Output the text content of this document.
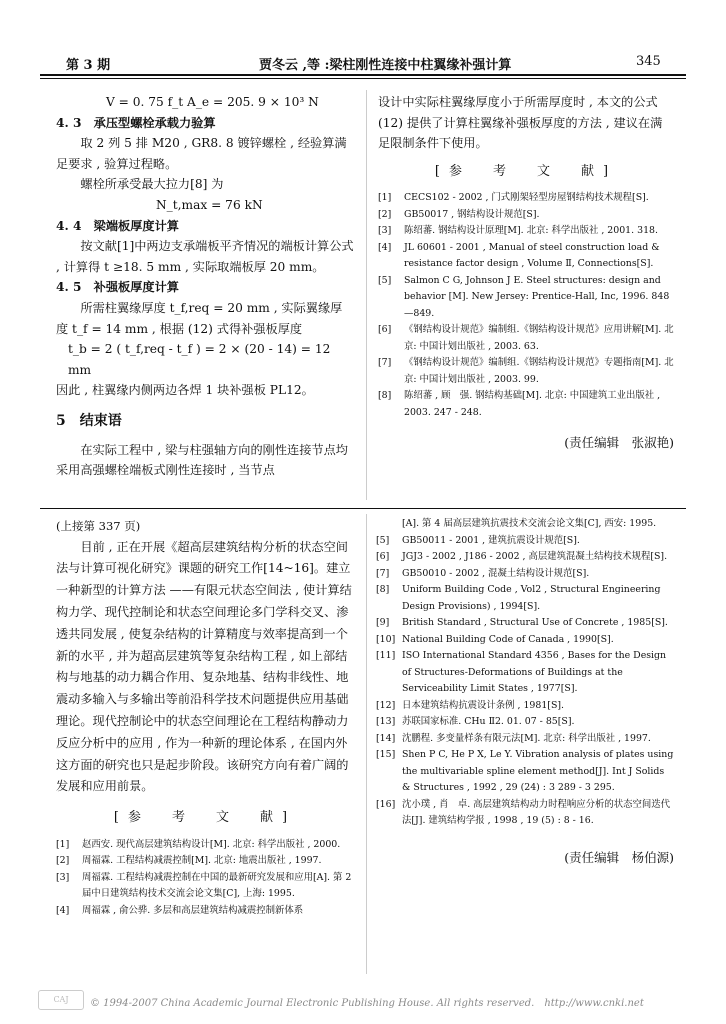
第 3 期	贾冬云 ,等 :梁柱刚性连接中柱翼缘补强计算	345

V = 0. 75 f_t A_e = 205. 9 × 10³ N

4. 3　承压型螺栓承载力验算

取 2 列 5 排 M20 , GR8. 8 镀锌螺栓 , 经验算满足要求 , 验算过程略。

螺栓所承受最大拉力[8] 为

N_t,max = 76 kN

4. 4　梁端板厚度计算

按文献[1]中两边支承端板平齐情况的端板计算公式 , 计算得 t ≥18. 5 mm , 实际取端板厚 20 mm。

4. 5　补强板厚度计算

所需柱翼缘厚度 t_f,req = 20 mm , 实际翼缘厚度 t_f = 14 mm , 根据 (12) 式得补强板厚度

t_b = 2 ( t_f,req - t_f ) = 2 × (20 - 14) = 12 mm

因此 , 柱翼缘内侧两边各焊 1 块补强板 PL12。

5　结束语

在实际工程中 , 梁与柱强轴方向的刚性连接节点均采用高强螺栓端板式刚性连接时 , 当节点

设计中实际柱翼缘厚度小于所需厚度时 , 本文的公式 (12) 提供了计算柱翼缘补强板厚度的方法 , 建议在满足限制条件下使用。

[参　考　文　献]
[1]	CECS102 - 2002 , 门式刚架轻型房屋钢结构技术规程[S].
[2]	GB50017 , 钢结构设计规范[S].
[3]	陈绍蕃. 钢结构设计原理[M]. 北京: 科学出版社 , 2001. 318.
[4]	JL 60601 - 2001 , Manual of steel construction load & resistance factor design , Volume Ⅱ, Connections[S].
[5]	Salmon C G, Johnson J E. Steel structures: design and behavior [M]. New Jersey: Prentice-Hall, Inc, 1996. 848 —849.
[6]	《钢结构设计规范》编制组.《钢结构设计规范》应用讲解[M]. 北京: 中国计划出版社 , 2003. 63.
[7]	《钢结构设计规范》编制组.《钢结构设计规范》专题指南[M]. 北京: 中国计划出版社 , 2003. 99.
[8]	陈绍蕃 , 顾　强. 钢结构基础[M]. 北京: 中国建筑工业出版社 , 2003. 247 - 248.
(责任编辑　张淑艳)

(上接第 337 页)

目前 , 正在开展《超高层建筑结构分析的状态空间法与计算可视化研究》课题的研究工作[14~16]。建立一种新型的计算方法 ——有限元状态空间法 , 使计算结构力学、现代控制论和状态空间理论多门学科交叉、渗透共同发展 , 使复杂结构的计算精度与效率提高到一个新的水平 , 并为超高层建筑等复杂结构工程 , 如上部结构与地基的动力耦合作用、复杂地基、结构非线性、地震动多输入与多输出等前沿科学技术问题提供应用基础理论。现代控制论中的状态空间理论在工程结构静动力反应分析中的应用 , 作为一种新的理论体系 , 在国内外这方面的研究也只是起步阶段。该研究方向有着广阔的发展和应用前景。

[参　考　文　献]
[1]	赵西安. 现代高层建筑结构设计[M]. 北京: 科学出版社 , 2000.
[2]	周福霖. 工程结构减震控制[M]. 北京: 地震出版社 , 1997.
[3]	周福霖. 工程结构减震控制在中国的最新研究发展和应用[A]. 第 2 届中日建筑结构技术交流会论文集[C], 上海: 1995.
[4]	周福霖 , 俞公骅. 多层和高层建筑结构减震控制新体系
[A]. 第 4 届高层建筑抗震技术交流会论文集[C], 西安: 1995.
[5]	GB50011 - 2001 , 建筑抗震设计规范[S].
[6]	JGJ3 - 2002 , J186 - 2002 , 高层建筑混凝土结构技术规程[S].
[7]	GB50010 - 2002 , 混凝土结构设计规范[S].
[8]	Uniform Building Code , Vol2 , Structural Engineering Design Provisions) , 1994[S].
[9]	British Standard , Structural Use of Concrete , 1985[S].
[10] National Building Code of Canada , 1990[S].
[11] ISO International Standard 4356 , Bases for the Design of Structures-Deformations of Buildings at the Serviceability Limit States , 1977[S].
[12] 日本建筑结构抗震设计条例 , 1981[S].
[13] 苏联国家标准. CHu Ⅱ2. 01. 07 - 85[S].
[14] 沈鹏程. 多变量样条有限元法[M]. 北京: 科学出版社 , 1997.
[15] Shen P C, He P X, Le Y. Vibration analysis of plates using the multivariable spline element method[J]. Int J Solids & Structures , 1992 , 29 (24) : 3 289 - 3 295.
[16] 沈小璞 , 肖　卓. 高层建筑结构动力时程响应分析的状态空间迭代法[J]. 建筑结构学报 , 1998 , 19 (5) : 8 - 16.
(责任编辑　杨伯源)
CAJ	© 1994-2007 China Academic Journal Electronic Publishing House. All rights reserved.　http://www.cnki.net
